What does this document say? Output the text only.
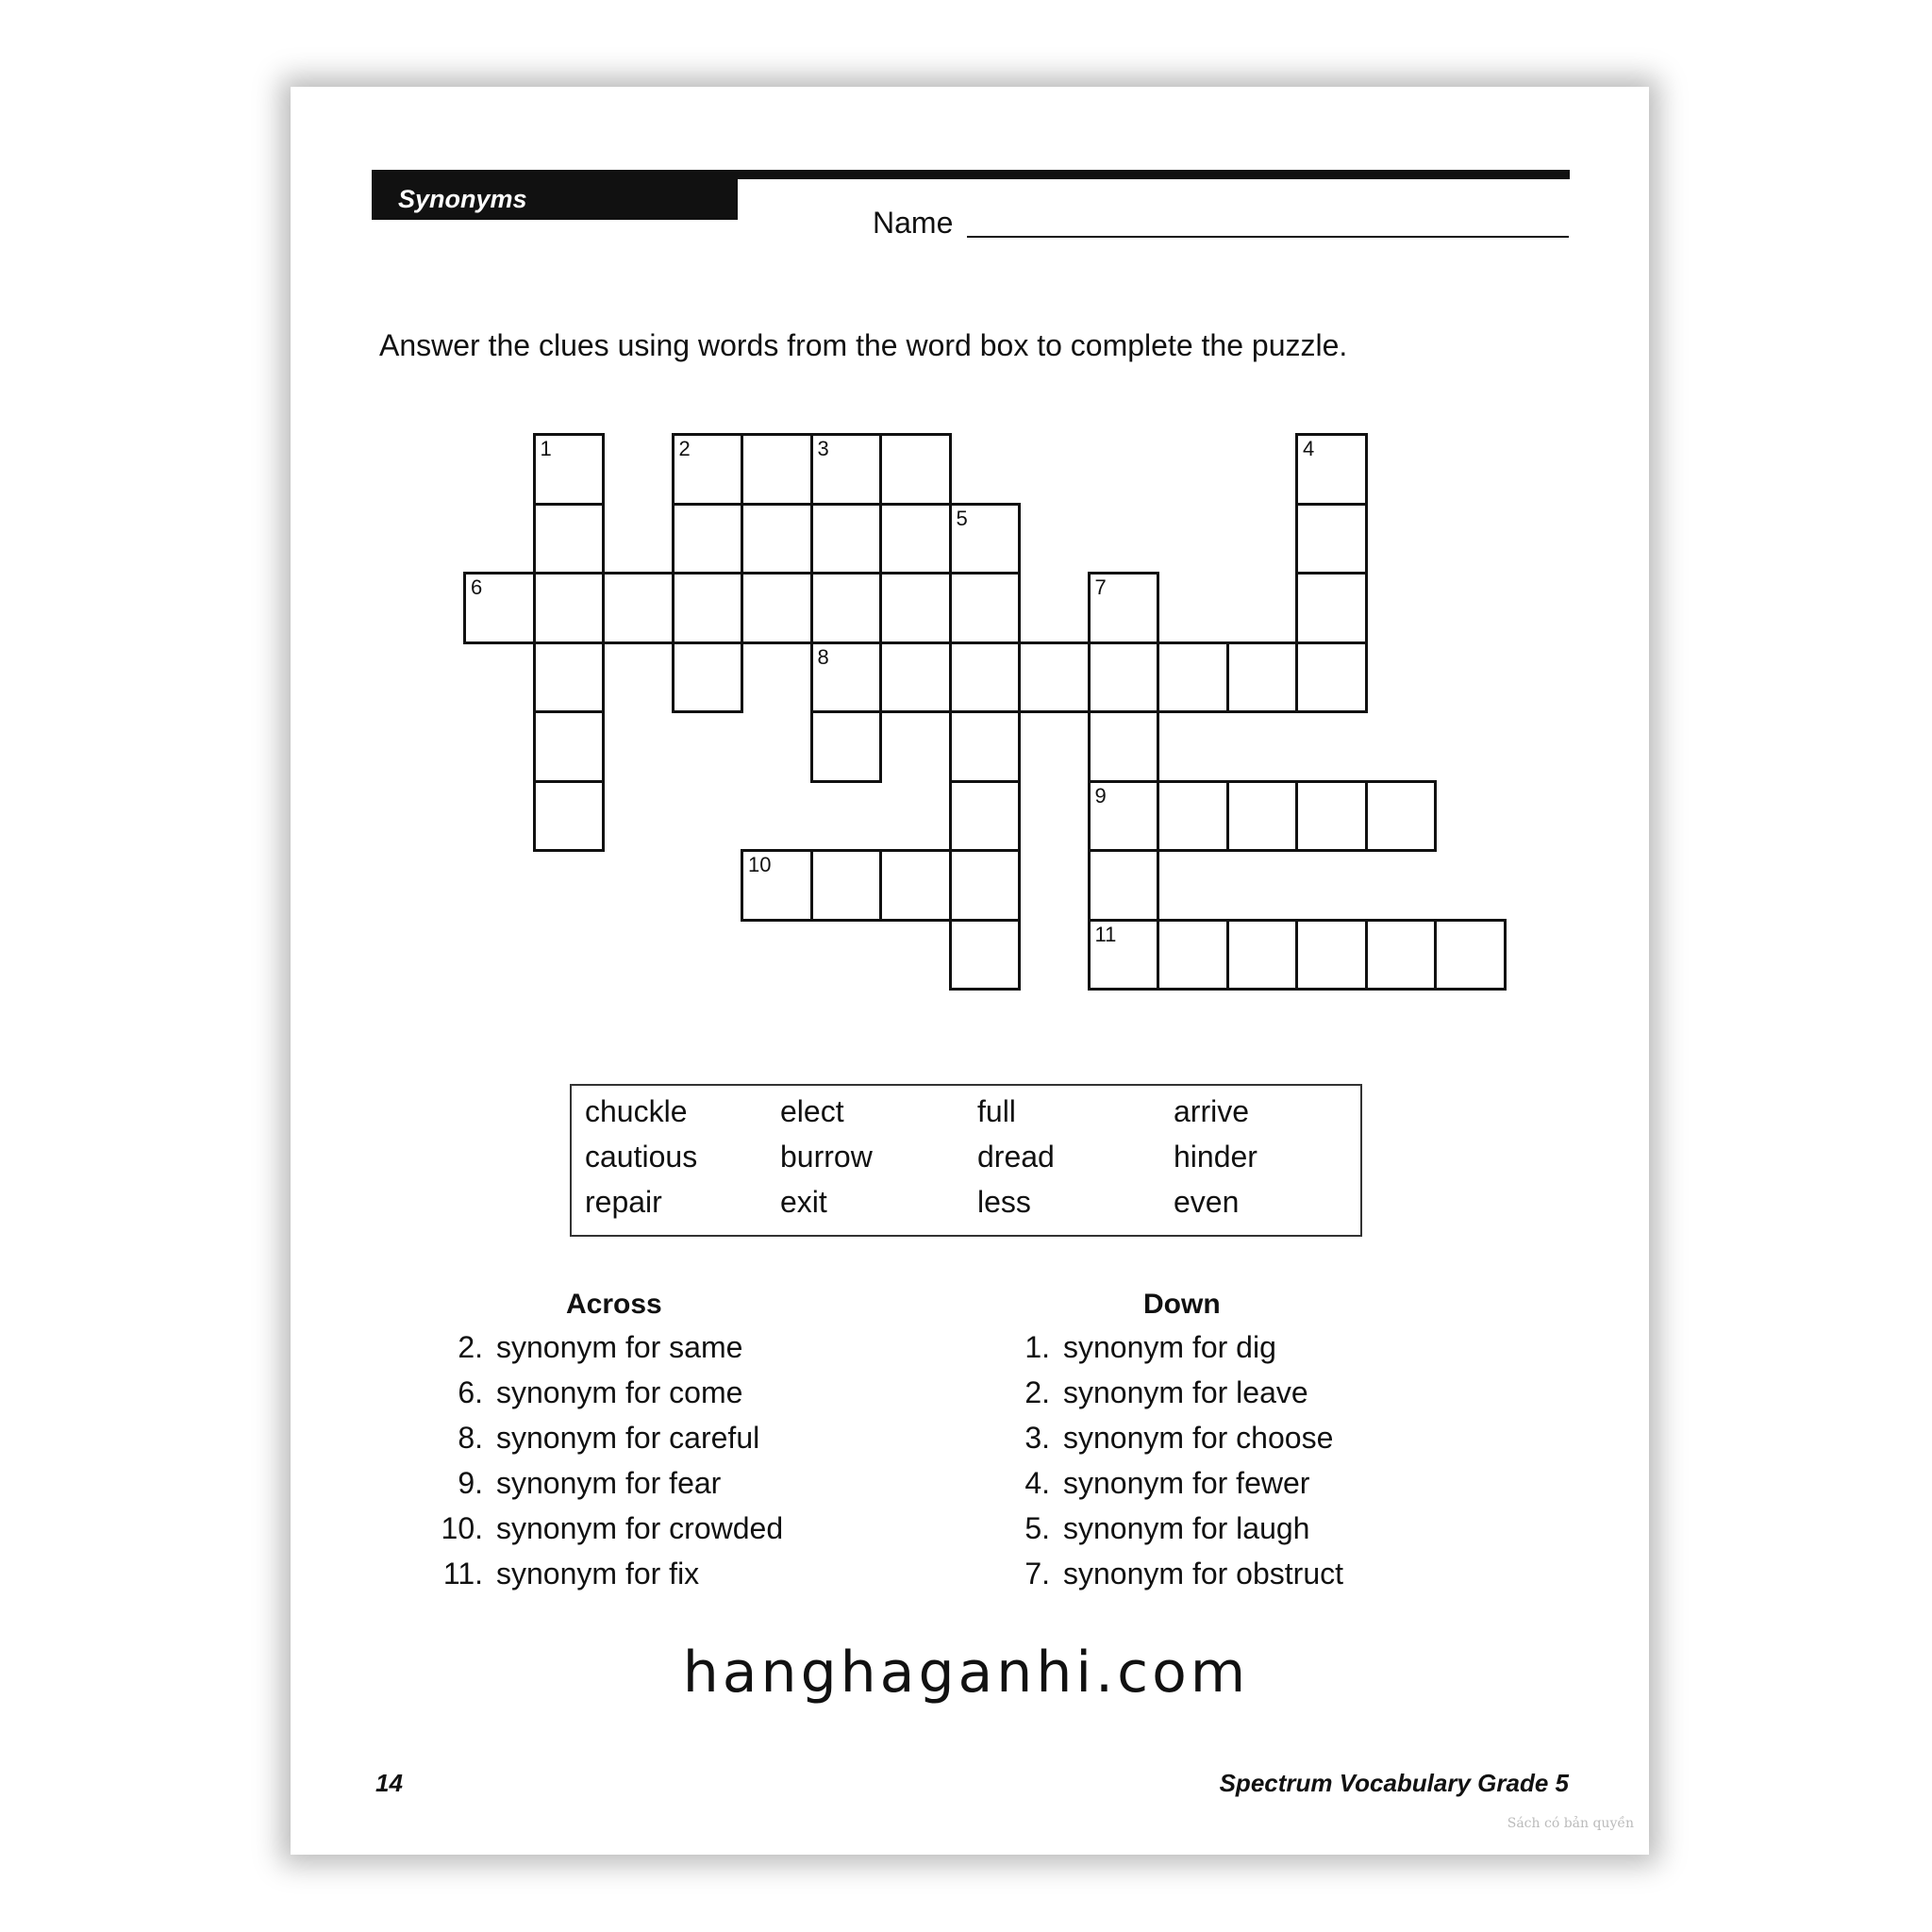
Synonyms
Name
Answer the clues using words from the word box to complete the puzzle.
1	2	3
5
4
6	7
8
9
10
11
chuckle	elect	full	arrive
cautious	burrow	dread	hinder
repair	exit	less	even
Across	Down
2. synonym for same
6. synonym for come
8. synonym for careful
9. synonym for fear
10. synonym for crowded
11. synonym for fix
1. synonym for dig
2. synonym for leave
3. synonym for choose
4. synonym for fewer
5. synonym for laugh
7. synonym for obstruct
hanghaganhi.com
14	Spectrum Vocabulary Grade 5
Sách có bản quyền
